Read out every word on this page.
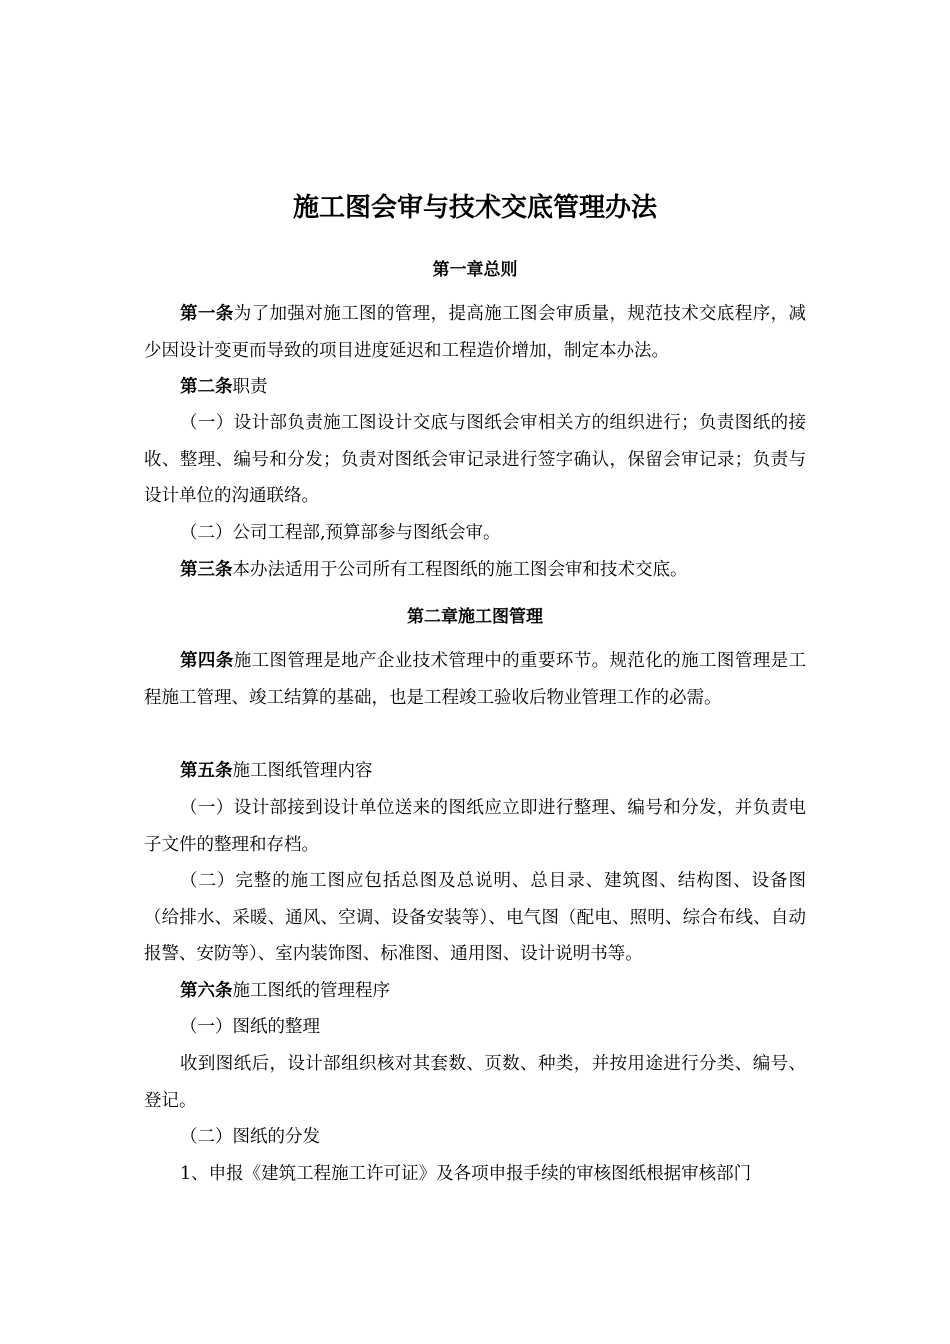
施工图会审与技术交底管理办法
第一章总则

第一条为了加强对施工图的管理，提高施工图会审质量，规范技术交底程序，减少因设计变更而导致的项目进度延迟和工程造价增加，制定本办法。

第二条职责

（一）设计部负责施工图设计交底与图纸会审相关方的组织进行；负责图纸的接收、整理、编号和分发；负责对图纸会审记录进行签字确认，保留会审记录；负责与设计单位的沟通联络。

（二）公司工程部,预算部参与图纸会审。

第三条本办法适用于公司所有工程图纸的施工图会审和技术交底。

第二章施工图管理

第四条施工图管理是地产企业技术管理中的重要环节。规范化的施工图管理是工程施工管理、竣工结算的基础，也是工程竣工验收后物业管理工作的必需。

第五条施工图纸管理内容

（一）设计部接到设计单位送来的图纸应立即进行整理、编号和分发，并负责电子文件的整理和存档。

（二）完整的施工图应包括总图及总说明、总目录、建筑图、结构图、设备图（给排水、采暖、通风、空调、设备安装等）、电气图（配电、照明、综合布线、自动报警、安防等）、室内装饰图、标准图、通用图、设计说明书等。

第六条施工图纸的管理程序

（一）图纸的整理

收到图纸后，设计部组织核对其套数、页数、种类，并按用途进行分类、编号、登记。

（二）图纸的分发

1、申报《建筑工程施工许可证》及各项申报手续的审核图纸根据审核部门
